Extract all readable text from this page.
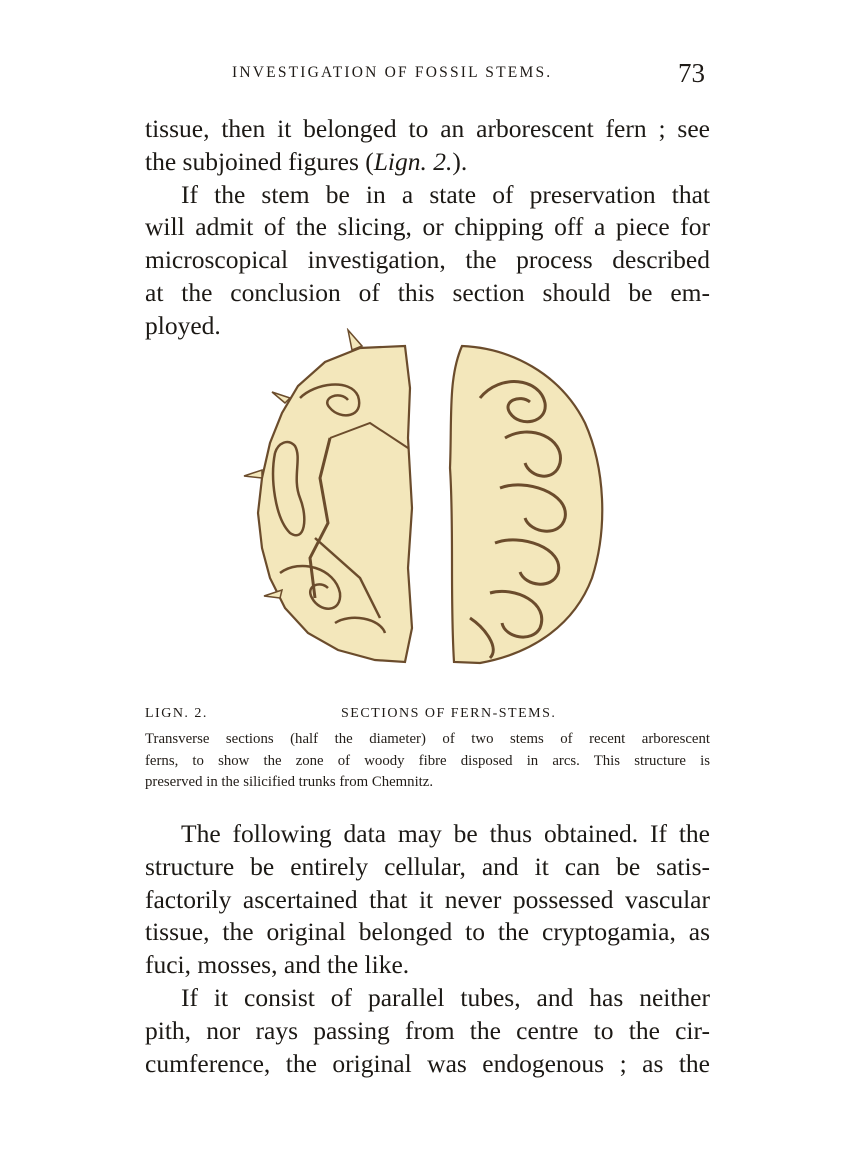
INVESTIGATION OF FOSSIL STEMS.	73
tissue, then it belonged to an arborescent fern ; see
the subjoined figures (Lign. 2.).
If the stem be in a state of preservation that
will admit of the slicing, or chipping off a piece for
microscopical investigation, the process described
at the conclusion of this section should be em-
ployed.
LIGN. 2.	SECTIONS OF FERN-STEMS.
Transverse sections (half the diameter) of two stems of recent arborescent
ferns, to show the zone of woody fibre disposed in arcs. This structure is
preserved in the silicified trunks from Chemnitz.
The following data may be thus obtained. If the
structure be entirely cellular, and it can be satis-
factorily ascertained that it never possessed vascular
tissue, the original belonged to the cryptogamia, as
fuci, mosses, and the like.
If it consist of parallel tubes, and has neither
pith, nor rays passing from the centre to the cir-
cumference, the original was endogenous ; as the
